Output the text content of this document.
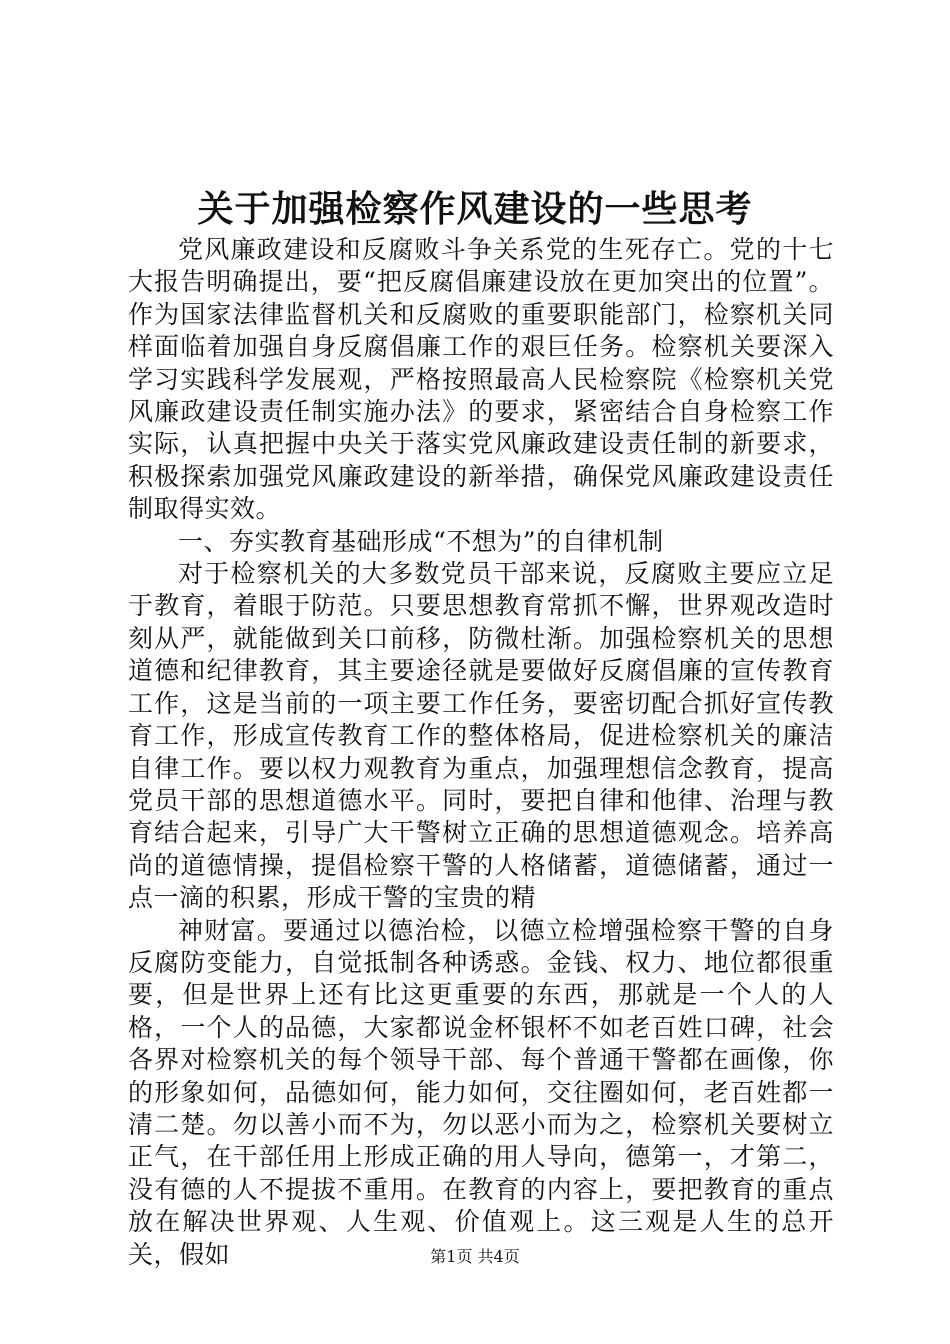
关于加强检察作风建设的一些思考

党风廉政建设和反腐败斗争关系党的生死存亡。党的十七大报告明确提出，要“把反腐倡廉建设放在更加突出的位置”。作为国家法律监督机关和反腐败的重要职能部门，检察机关同样面临着加强自身反腐倡廉工作的艰巨任务。检察机关要深入学习实践科学发展观，严格按照最高人民检察院《检察机关党风廉政建设责任制实施办法》的要求，紧密结合自身检察工作实际，认真把握中央关于落实党风廉政建设责任制的新要求，积极探索加强党风廉政建设的新举措，确保党风廉政建设责任制取得实效。

一、夯实教育基础形成“不想为”的自律机制

对于检察机关的大多数党员干部来说，反腐败主要应立足于教育，着眼于防范。只要思想教育常抓不懈，世界观改造时刻从严，就能做到关口前移，防微杜渐。加强检察机关的思想道德和纪律教育，其主要途径就是要做好反腐倡廉的宣传教育工作，这是当前的一项主要工作任务，要密切配合抓好宣传教育工作，形成宣传教育工作的整体格局，促进检察机关的廉洁自律工作。要以权力观教育为重点，加强理想信念教育，提高党员干部的思想道德水平。同时，要把自律和他律、治理与教育结合起来，引导广大干警树立正确的思想道德观念。培养高尚的道德情操，提倡检察干警的人格储蓄，道德储蓄，通过一点一滴的积累，形成干警的宝贵的精

神财富。要通过以德治检，以德立检增强检察干警的自身反腐防变能力，自觉抵制各种诱惑。金钱、权力、地位都很重要，但是世界上还有比这更重要的东西，那就是一个人的人格，一个人的品德，大家都说金杯银杯不如老百姓口碑，社会各界对检察机关的每个领导干部、每个普通干警都在画像，你的形象如何，品德如何，能力如何，交往圈如何，老百姓都一清二楚。勿以善小而不为，勿以恶小而为之，检察机关要树立正气，在干部任用上形成正确的用人导向，德第一，才第二，没有德的人不提拔不重用。在教育的内容上，要把教育的重点放在解决世界观、人生观、价值观上。这三观是人生的总开关，假如	第1页 共4页
